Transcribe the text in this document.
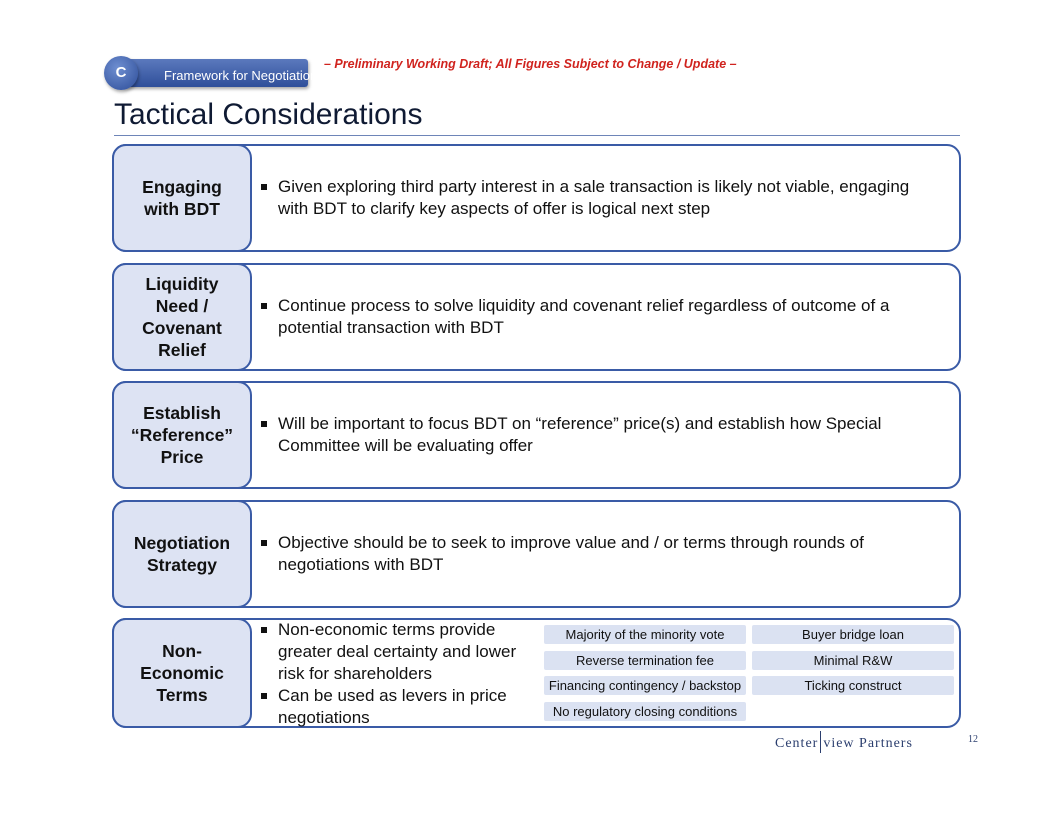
Framework for Negotiation
C	– Preliminary Working Draft; All Figures Subject to Change / Update –
Tactical Considerations
Engaging with BDT
Given exploring third party interest in a sale transaction is likely not viable, engaging with BDT to clarify key aspects of offer is logical next step
Liquidity Need / Covenant Relief
Continue process to solve liquidity and covenant relief regardless of outcome of a potential transaction with BDT
Establish “Reference” Price
Will be important to focus BDT on “reference” price(s) and establish how Special Committee will be evaluating offer
Negotiation Strategy
Objective should be to seek to improve value and / or terms through rounds of negotiations with BDT
Non-Economic Terms
Non-economic terms provide greater deal certainty and lower risk for shareholders
Can be used as levers in price negotiations
Majority of the minority vote	Buyer bridge loan
Reverse termination fee	Minimal R&W
Financing contingency / backstop	Ticking construct
No regulatory closing conditions
Center view Partners	12
